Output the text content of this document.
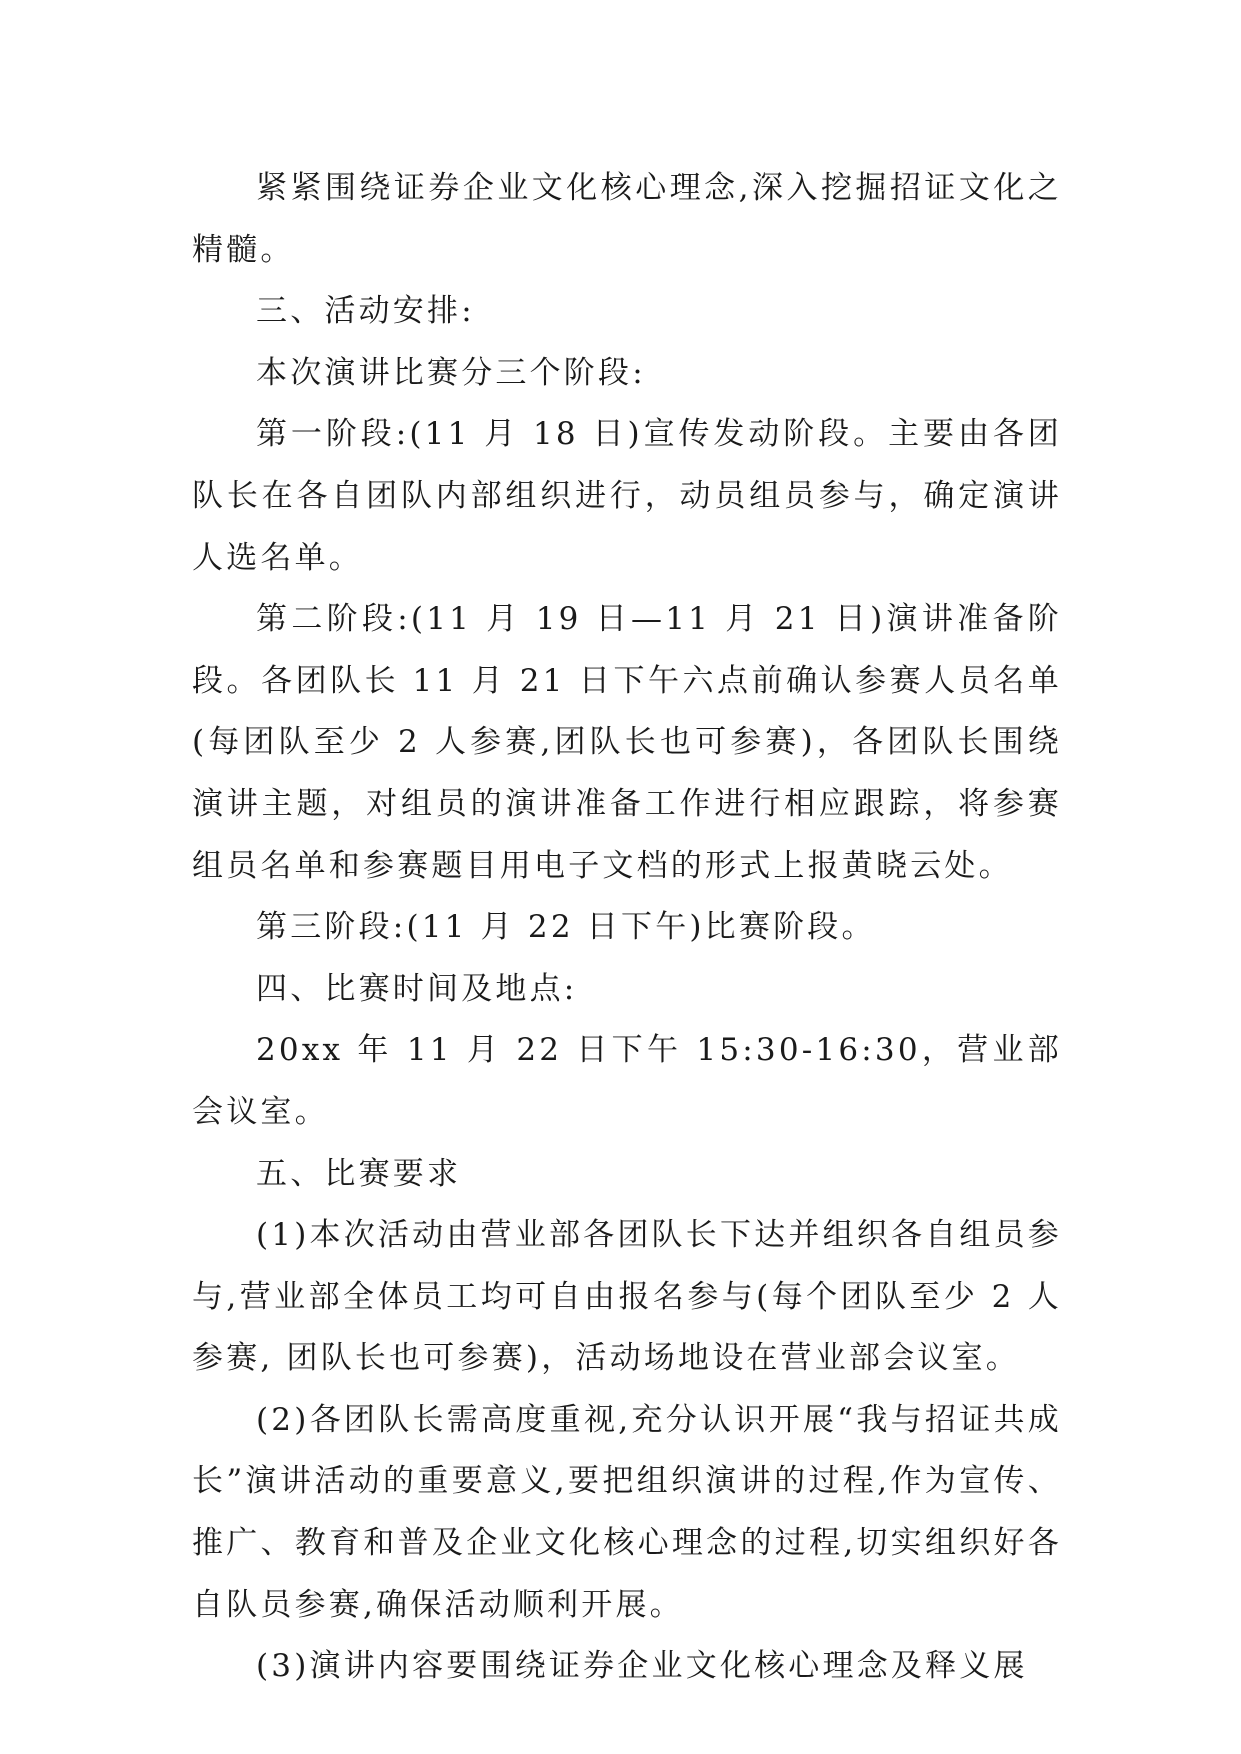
紧紧围绕证券企业文化核心理念,深入挖掘招证文化之精髓。

三、活动安排:

本次演讲比赛分三个阶段:

第一阶段:(11 月 18 日)宣传发动阶段。主要由各团队长在各自团队内部组织进行，动员组员参与，确定演讲人选名单。

第二阶段:(11 月 19 日—11 月 21 日)演讲准备阶段。各团队长 11 月 21 日下午六点前确认参赛人员名单(每团队至少 2 人参赛,团队长也可参赛)，各团队长围绕演讲主题，对组员的演讲准备工作进行相应跟踪，将参赛组员名单和参赛题目用电子文档的形式上报黄晓云处。

第三阶段:(11 月 22 日下午)比赛阶段。

四、比赛时间及地点:

20xx 年 11 月 22 日下午 15:30-16:30，营业部会议室。

五、比赛要求

(1)本次活动由营业部各团队长下达并组织各自组员参与,营业部全体员工均可自由报名参与(每个团队至少 2 人参赛, 团队长也可参赛)，活动场地设在营业部会议室。

(2)各团队长需高度重视,充分认识开展“我与招证共成长”演讲活动的重要意义,要把组织演讲的过程,作为宣传、推广、教育和普及企业文化核心理念的过程,切实组织好各自队员参赛,确保活动顺利开展。

(3)演讲内容要围绕证券企业文化核心理念及释义展
